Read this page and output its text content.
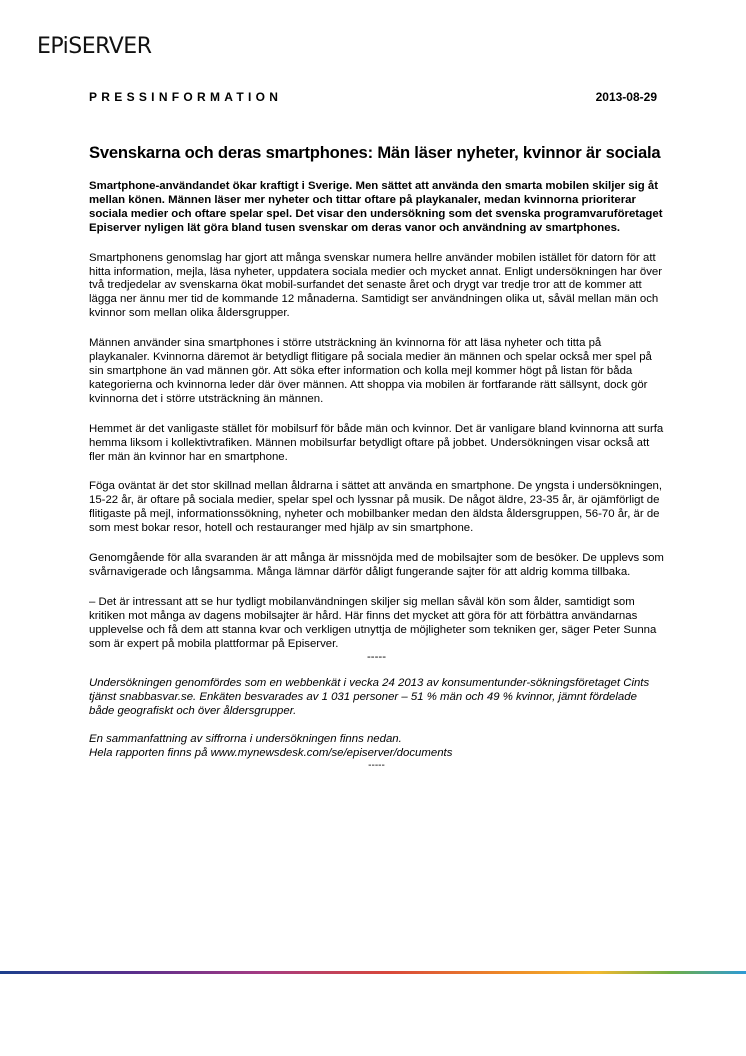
EPiSERVER
PRESSINFORMATION	2013-08-29
Svenskarna och deras smartphones: Män läser nyheter, kvinnor är sociala

Smartphone-användandet ökar kraftigt i Sverige. Men sättet att använda den smarta mobilen skiljer sig åt mellan könen. Männen läser mer nyheter och tittar oftare på playkanaler, medan kvinnorna prioriterar sociala medier och oftare spelar spel. Det visar den undersökning som det svenska programvaruföretaget Episerver nyligen lät göra bland tusen svenskar om deras vanor och användning av smartphones.

Smartphonens genomslag har gjort att många svenskar numera hellre använder mobilen istället för datorn för att hitta information, mejla, läsa nyheter, uppdatera sociala medier och mycket annat. Enligt undersökningen har över två tredjedelar av svenskarna ökat mobil-surfandet det senaste året och drygt var tredje tror att de kommer att lägga ner ännu mer tid de kommande 12 månaderna. Samtidigt ser användningen olika ut, såväl mellan män och kvinnor som mellan olika åldersgrupper.

Männen använder sina smartphones i större utsträckning än kvinnorna för att läsa nyheter och titta på playkanaler. Kvinnorna däremot är betydligt flitigare på sociala medier än männen och spelar också mer spel på sin smartphone än vad männen gör. Att söka efter information och kolla mejl kommer högt på listan för båda kategorierna och kvinnorna leder där över männen. Att shoppa via mobilen är fortfarande rätt sällsynt, dock gör kvinnorna det i större utsträckning än männen.

Hemmet är det vanligaste stället för mobilsurf för både män och kvinnor. Det är vanligare bland kvinnorna att surfa hemma liksom i kollektivtrafiken. Männen mobilsurfar betydligt oftare på jobbet. Undersökningen visar också att fler män än kvinnor har en smartphone.

Föga oväntat är det stor skillnad mellan åldrarna i sättet att använda en smartphone. De yngsta i undersökningen, 15-22 år, är oftare på sociala medier, spelar spel och lyssnar på musik. De något äldre, 23-35 år, är ojämförligt de flitigaste på mejl, informationssökning, nyheter och mobilbanker medan den äldsta åldersgruppen, 56-70 år, är de som mest bokar resor, hotell och restauranger med hjälp av sin smartphone.

Genomgående för alla svaranden är att många är missnöjda med de mobilsajter som de besöker. De upplevs som svårnavigerade och långsamma. Många lämnar därför dåligt fungerande sajter för att aldrig komma tillbaka.

– Det är intressant att se hur tydligt mobilanvändningen skiljer sig mellan såväl kön som ålder, samtidigt som kritiken mot många av dagens mobilsajter är hård. Här finns det mycket att göra för att förbättra användarnas upplevelse och få dem att stanna kvar och verkligen utnyttja de möjligheter som tekniken ger, säger Peter Sunna som är expert på mobila plattformar på Episerver.

-----

Undersökningen genomfördes som en webbenkät i vecka 24 2013 av konsumentunder-sökningsföretaget Cints tjänst snabbasvar.se. Enkäten besvarades av 1 031 personer – 51 % män och 49 % kvinnor, jämnt fördelade både geografiskt och över åldersgrupper.

En sammanfattning av siffrorna i undersökningen finns nedan.

Hela rapporten finns på www.mynewsdesk.com/se/episerver/documents

-----
